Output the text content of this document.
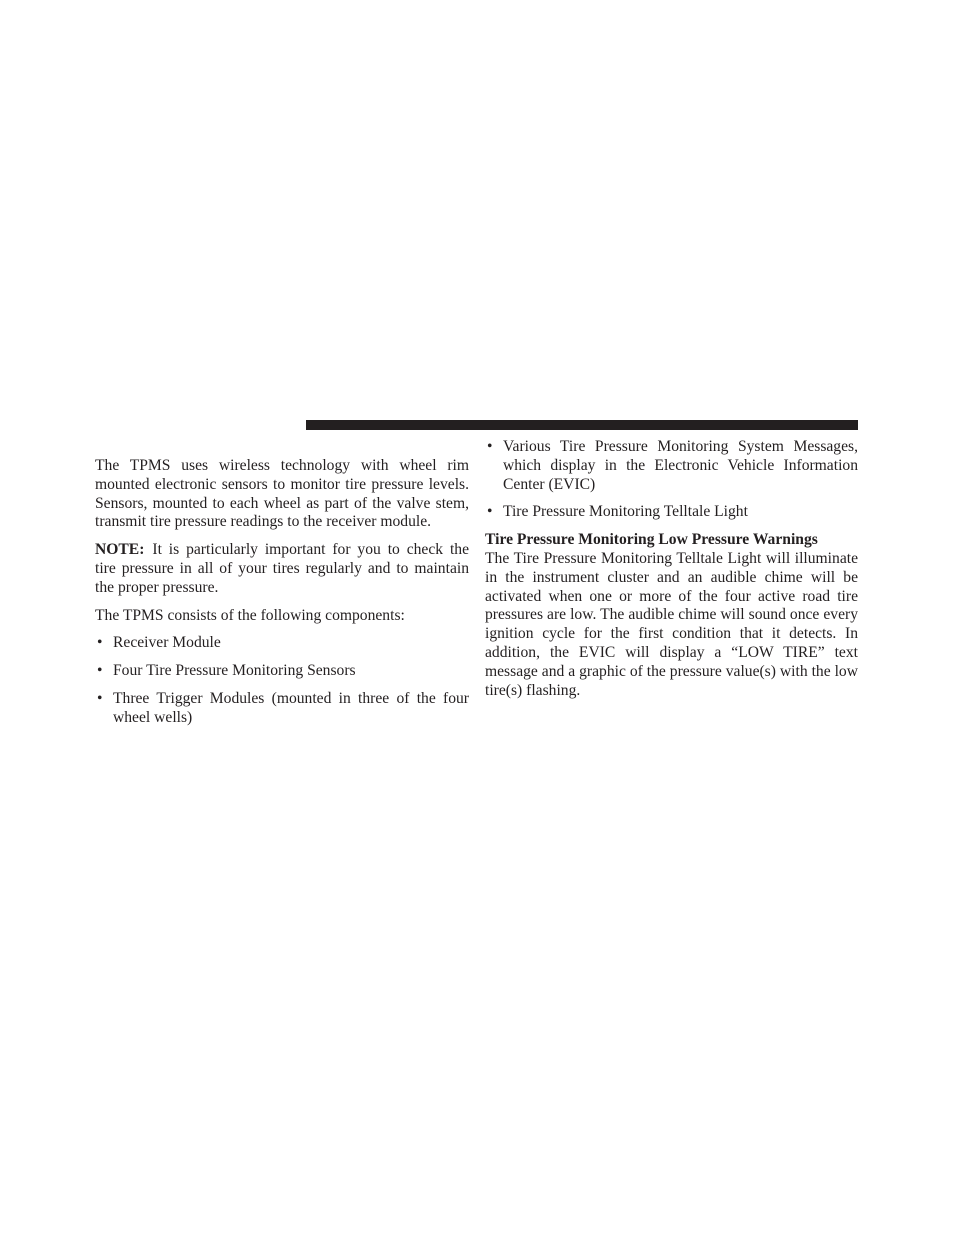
The TPMS uses wireless technology with wheel rim mounted electronic sensors to monitor tire pressure levels. Sensors, mounted to each wheel as part of the valve stem, transmit tire pressure readings to the receiver module.

NOTE: It is particularly important for you to check the tire pressure in all of your tires regularly and to maintain the proper pressure.

The TPMS consists of the following components:

• Receiver Module
• Four Tire Pressure Monitoring Sensors
• Three Trigger Modules (mounted in three of the four wheel wells)
• Various Tire Pressure Monitoring System Messages, which display in the Electronic Vehicle Information Center (EVIC)
• Tire Pressure Monitoring Telltale Light

Tire Pressure Monitoring Low Pressure Warnings

The Tire Pressure Monitoring Telltale Light will illuminate in the instrument cluster and an audible chime will be activated when one or more of the four active road tire pressures are low. The audible chime will sound once every ignition cycle for the first condition that it detects. In addition, the EVIC will display a “LOW TIRE” text message and a graphic of the pressure value(s) with the low tire(s) flashing.
